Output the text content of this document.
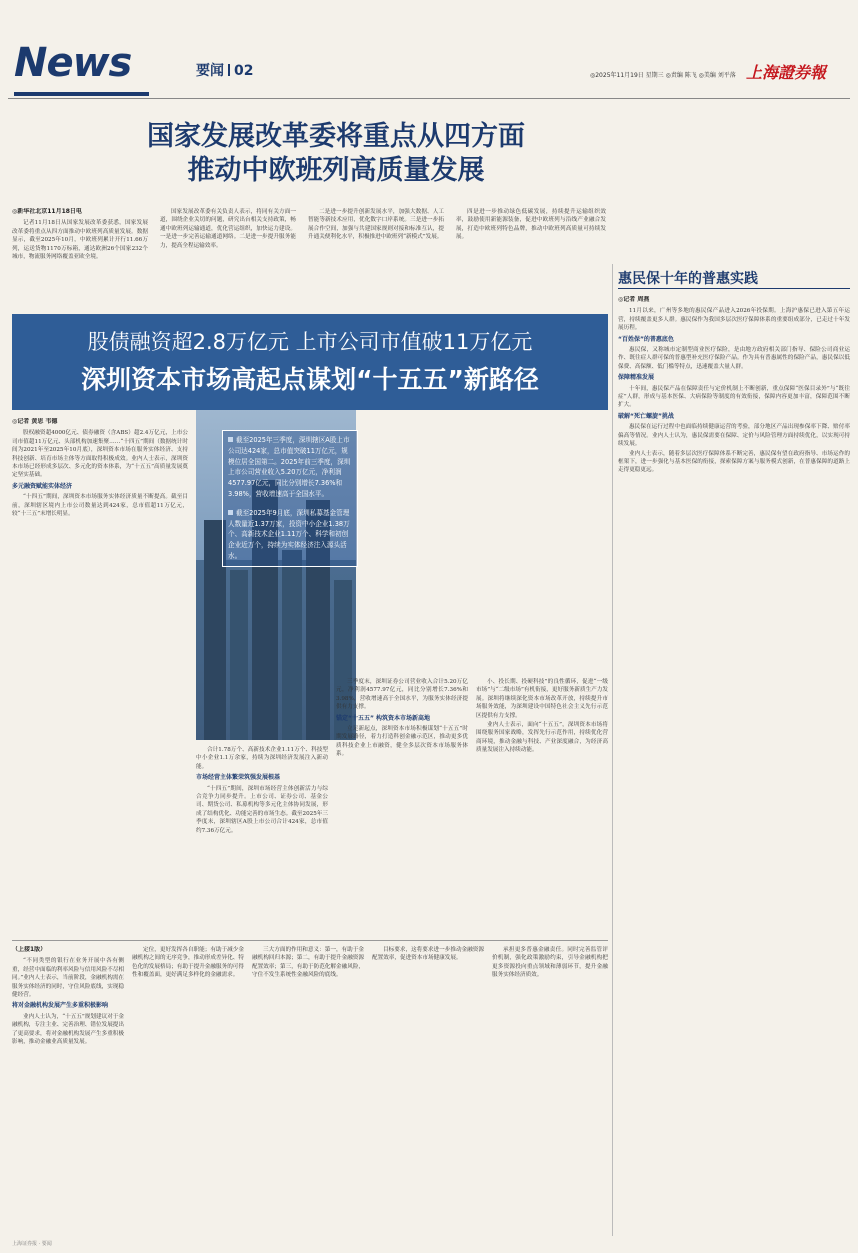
News	要闻 02	◎2025年11月19日 星期三 ◎责编 陈飞 ◎美编 刘平落 上海證券報
国家发展改革委将重点从四方面
推动中欧班列高质量发展

◎新华社北京11月18日电

记者11月18日从国家发展改革委获悉，国家发展改革委将重点从四方面推动中欧班列高质量发展。数据显示，截至2025年10月，中欧班列累计开行11.66万列，运送货物1170万标箱，通达欧洲26个国家232个城市，物流服务网络覆盖亚欧全境。

国家发展改革委有关负责人表示，将同有关方面一道，围绕企业关切的问题，研究出台相关支持政策，畅通中欧班列运输通道，优化营运组织，加快运力建设。一是进一步完善运输通道网络。二是进一步提升服务能力，提高全程运输效率。

二是进一步提升创新发展水平，加强大数据、人工智能等新技术应用，优化数字口岸系统。三是进一步拓展合作空间，加强与共建国家规则对接和标准互认，提升通关便利化水平，积极推进中欧班列“新模式”发展。

四是进一步推动绿色低碳发展，持续提升运输组织效率，鼓励使用新能源装备，促进中欧班列与沿线产业融合发展，打造中欧班列特色品牌，推动中欧班列高质量可持续发展。

股债融资超2.8万亿元 上市公司市值破11万亿元
深圳资本市场高起点谋划“十五五”新路径

◎记者 黄思 韦德

股权融资超4000亿元、债券融资（含ABS）超2.4万亿元，上市公司市值超11万亿元、头部机构加速集聚……“十四五”期间（数据统计时间为2021年至2025年10月底），深圳资本市场在服务实体经济、支持科技创新、培育市场主体等方面取得积极成效。业内人士表示，深圳资本市场已经形成多层次、多元化的资本体系，为“十五五”高质量发展奠定坚实基础。

多元融资赋能实体经济

“十四五”期间，深圳资本市场服务实体经济质量不断提高。截至目前，深圳辖区境内上市公司数量达到424家，总市值超11万亿元，较“十三五”末增长明显。

截至2025年三季度，深圳辖区A股上市公司达424家，总市值突破11万亿元，规模位居全国第二。2025年前三季度，深圳上市公司营业收入5.20万亿元，净利润4577.97亿元，同比分别增长7.36%和3.98%，营收增速高于全国水平。
截至2025年9月底，深圳私募基金管理人数量近1.37万家，投资中小企业1.38万个、高新技术企业1.11万个、科学和初创企业近万个，持续为实体经济注入源头活水。

合计1.78万个、高新技术企业1.11万个、科技型中小企业1.1万余家，持续为深圳经济发展注入新动能。

市场经营主体繁荣筑强发展根基

“十四五”期间，深圳市场经营主体创新活力与综合竞争力同步提升。上市公司、证券公司、基金公司、期货公司、私募机构等多元化主体协同发展，形成了结构优化、功能完善的市场生态。截至2025年三季度末，深圳辖区A股上市公司合计424家，总市值约7.36万亿元。

三季度末，深圳证券公司营业收入合计5.20万亿元，净利润4577.97亿元，同比分别增长7.36%和3.98%，营收增速高于全国水平，为服务实体经济提供有力支撑。

锚定“十五五” 构筑资本市场新高地

立足新起点，深圳资本市场积极谋划“十五五”时期发展路径，着力打造科创金融示范区，推动更多优质科技企业上市融资，健全多层次资本市场服务体系。

小、投长期、投硬科技”的良性循环，促进“一级市场”与“二级市场”有机衔接，更好服务新质生产力发展。深圳将继续深化资本市场改革开放，持续提升市场服务效能，为深圳建设中国特色社会主义先行示范区提供有力支撑。

业内人士表示，面向“十五五”，深圳资本市场将围绕服务国家战略，发挥先行示范作用，持续优化营商环境，推动金融与科技、产业深度融合，为经济高质量发展注入持续动能。

（上接1版）

“不同类型的银行在业务开展中各有侧重，经营中面临的利率风险与信用风险不尽相同。”业内人士表示，当前阶段，金融机构需在服务实体经济的同时，守住风险底线，实现稳健经营。

将对金融机构发展产生多重积极影响

业内人士认为，“十五五”规划建议对于金融机构，专注主业、完善治理、错位发展提出了更高要求，将对金融机构发展产生多重积极影响，推动金融业高质量发展。

定位，更好发挥各自职能；有助于减少金融机构之间的无序竞争，推动形成差异化、特色化的发展格局；有助于提升金融服务的可得性和覆盖面，更好满足多样化的金融需求。

三大方面的作用和意义：第一，有助于金融机构回归本源；第二，有助于提升金融资源配置效率；第三，有助于防范化解金融风险，守住不发生系统性金融风险的底线。

目标要求，这将要求进一步推动金融资源配置效率，促进资本市场健康发展。

承担更多普惠金融责任。同时完善监管评价机制，强化政策激励约束，引导金融机构把更多资源投向重点领域和薄弱环节，提升金融服务实体经济质效。

惠民保十年的普惠实践

◎记者 周燕

11月以来，广州等多地的惠民保产品进入2026年投保期。上海沪惠保已进入第五年运营，持续覆盖更多人群。惠民保作为我国多层次医疗保障体系的重要组成部分，已走过十年发展历程。

“百姓保”的普惠底色

惠民保，又称城市定制型商业医疗保险，是由地方政府相关部门指导、保险公司商业运作、既往症人群可保的普惠型补充医疗保险产品。作为具有普惠属性的保险产品，惠民保以低保费、高保额、低门槛等特点，迅速覆盖大量人群。

保障精准发展

十年间，惠民保产品在保障责任与定价机制上不断创新，重点保障“医保目录外”与“既往症”人群，形成与基本医保、大病保险等制度的有效衔接，保障内容更加丰富，保障范围不断扩大。

破解“死亡螺旋”挑战

惠民保在运行过程中也面临持续健康运营的考验，部分地区产品出现参保率下降、赔付率偏高等情况。业内人士认为，惠民保需要在保障、定价与风险管理方面持续优化，以实现可持续发展。

业内人士表示，随着多层次医疗保障体系不断完善，惠民保有望在政府指导、市场运作的框架下，进一步强化与基本医保的衔接，探索保障方案与服务模式创新，在普惠保障的道路上走得更稳更远。

上海证券报 · 要闻
